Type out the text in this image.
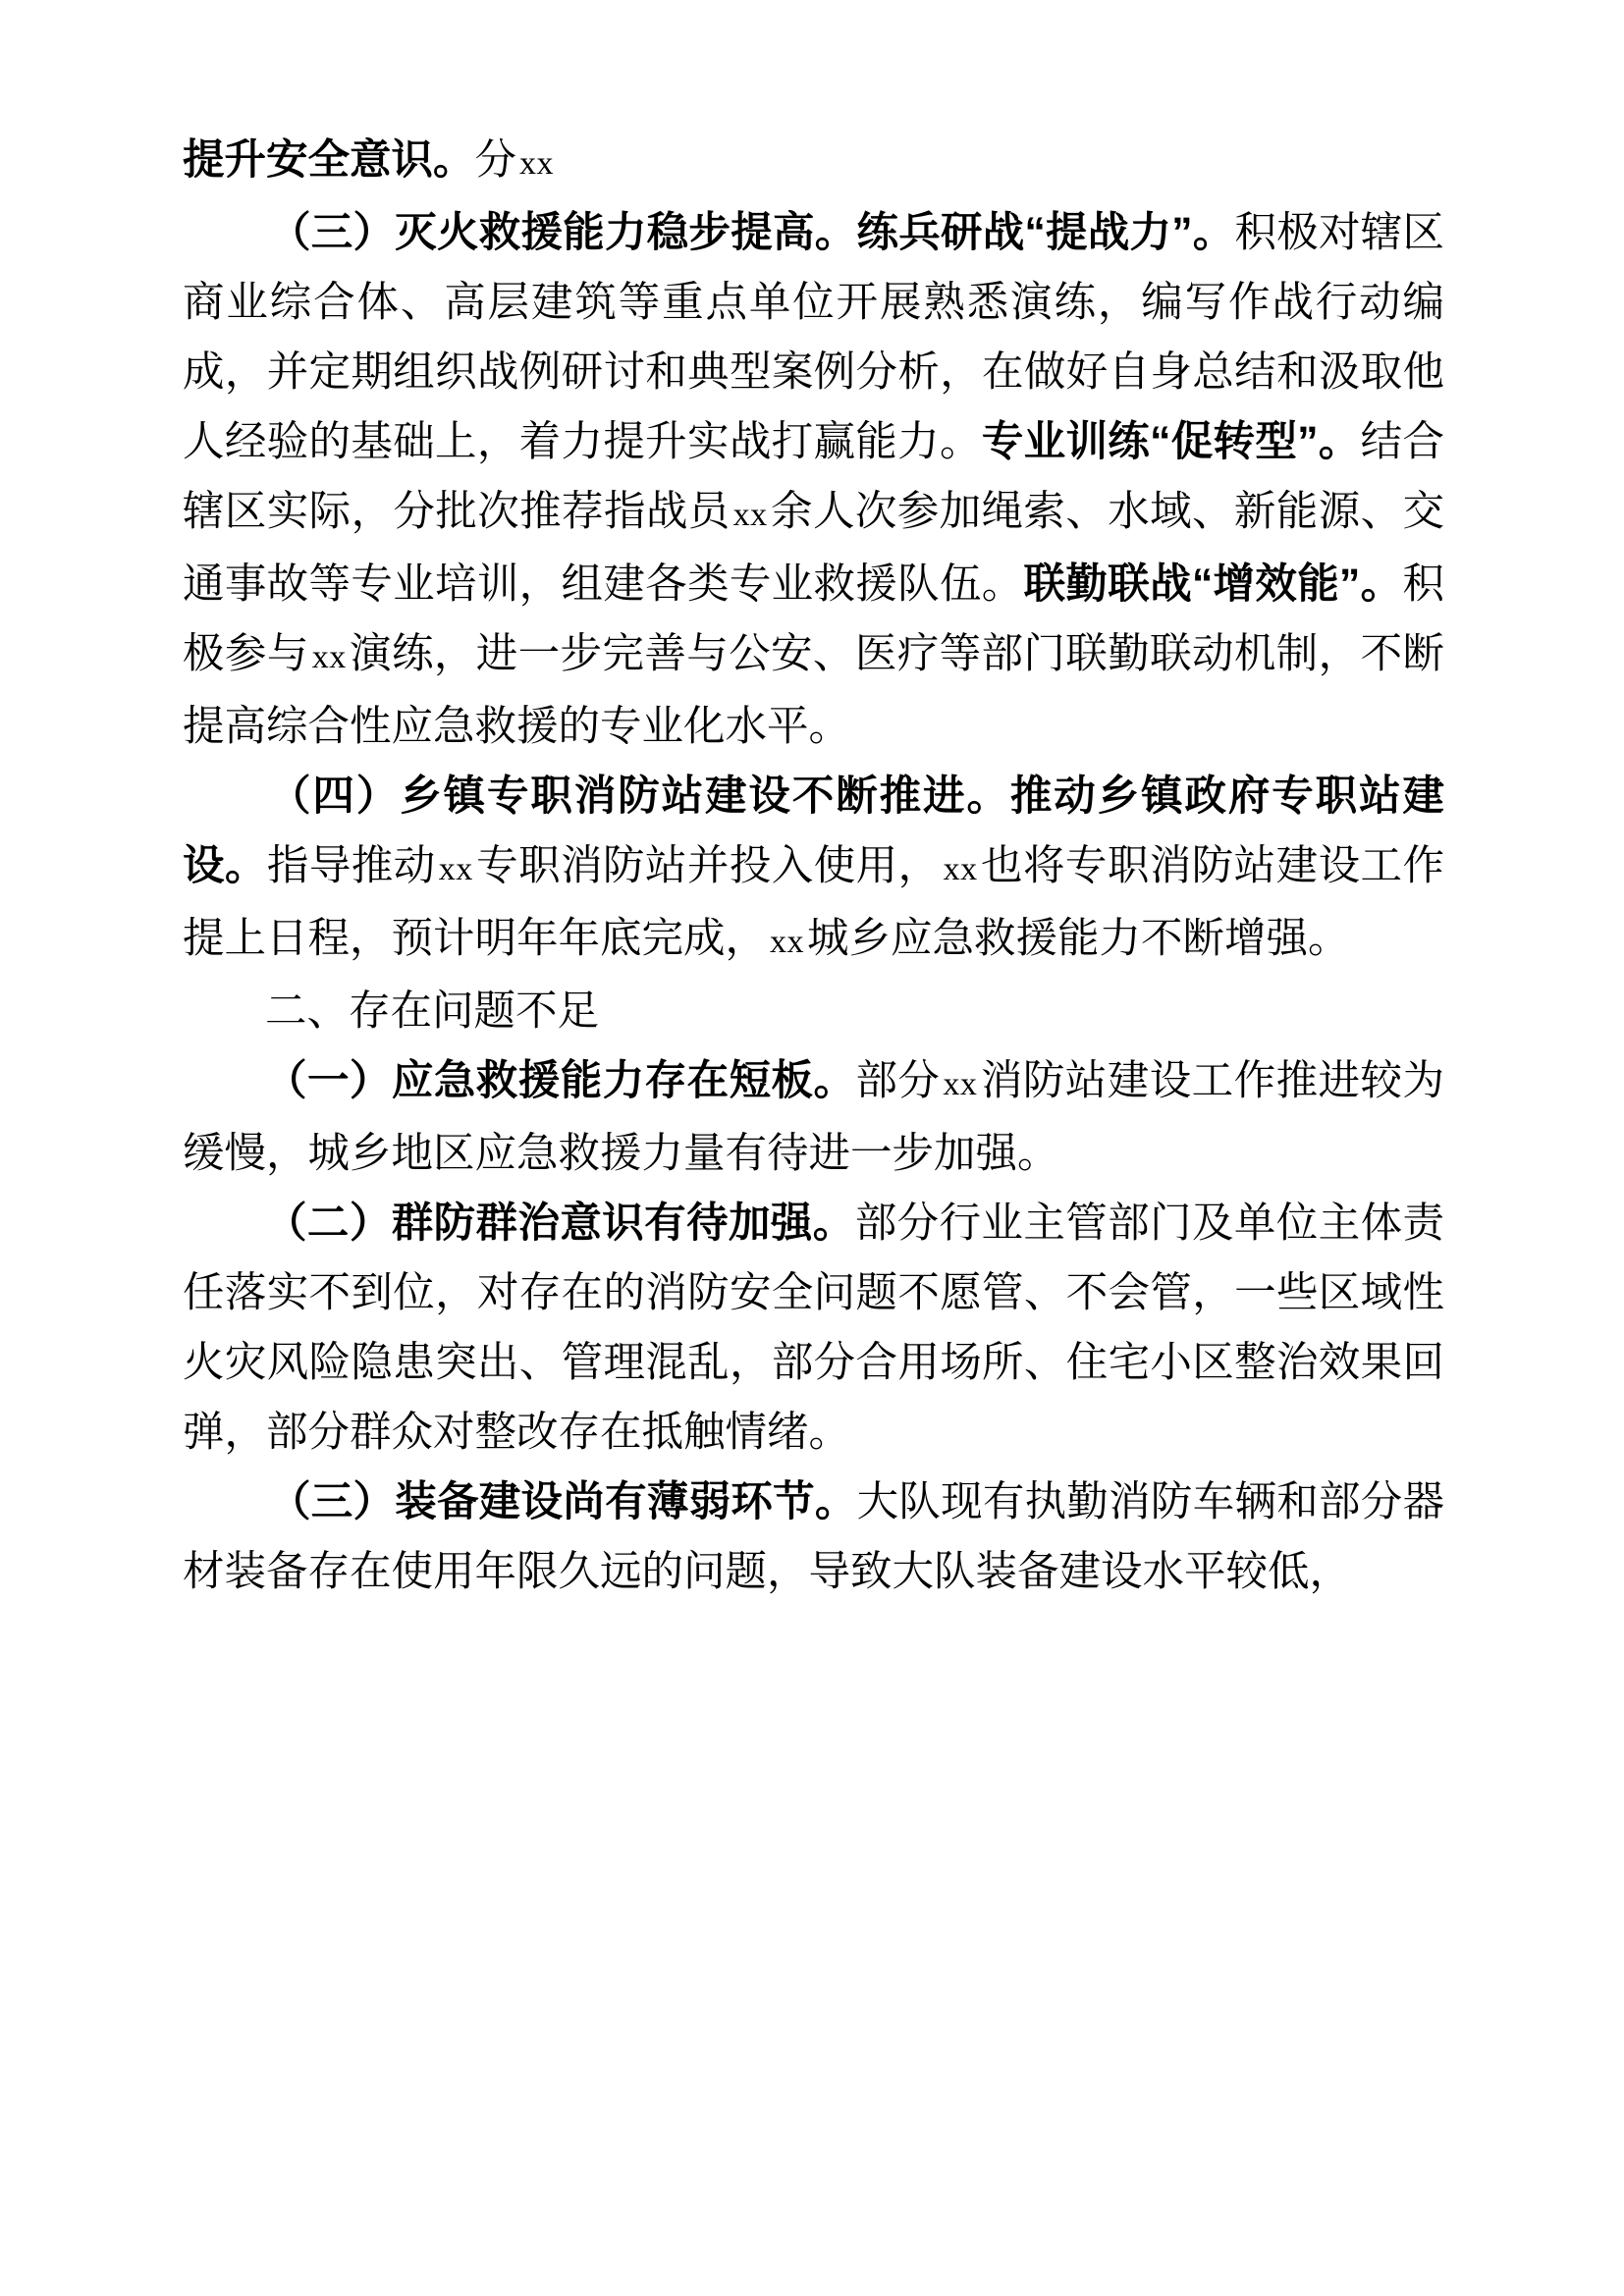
提升安全意识。分xx

（三）灭火救援能力稳步提高。练兵研战“提战力”。积极对辖区商业综合体、高层建筑等重点单位开展熟悉演练，编写作战行动编成，并定期组织战例研讨和典型案例分析，在做好自身总结和汲取他人经验的基础上，着力提升实战打赢能力。专业训练“促转型”。结合辖区实际，分批次推荐指战员xx余人次参加绳索、水域、新能源、交通事故等专业培训，组建各类专业救援队伍。联勤联战“增效能”。积极参与xx演练，进一步完善与公安、医疗等部门联勤联动机制，不断提高综合性应急救援的专业化水平。

（四）乡镇专职消防站建设不断推进。推动乡镇政府专职站建设。指导推动xx专职消防站并投入使用，xx也将专职消防站建设工作提上日程，预计明年年底完成，xx城乡应急救援能力不断增强。

二、存在问题不足

（一）应急救援能力存在短板。部分xx消防站建设工作推进较为缓慢，城乡地区应急救援力量有待进一步加强。

（二）群防群治意识有待加强。部分行业主管部门及单位主体责任落实不到位，对存在的消防安全问题不愿管、不会管，一些区域性火灾风险隐患突出、管理混乱，部分合用场所、住宅小区整治效果回弹，部分群众对整改存在抵触情绪。

（三）装备建设尚有薄弱环节。大队现有执勤消防车辆和部分器材装备存在使用年限久远的问题，导致大队装备建设水平较低，
